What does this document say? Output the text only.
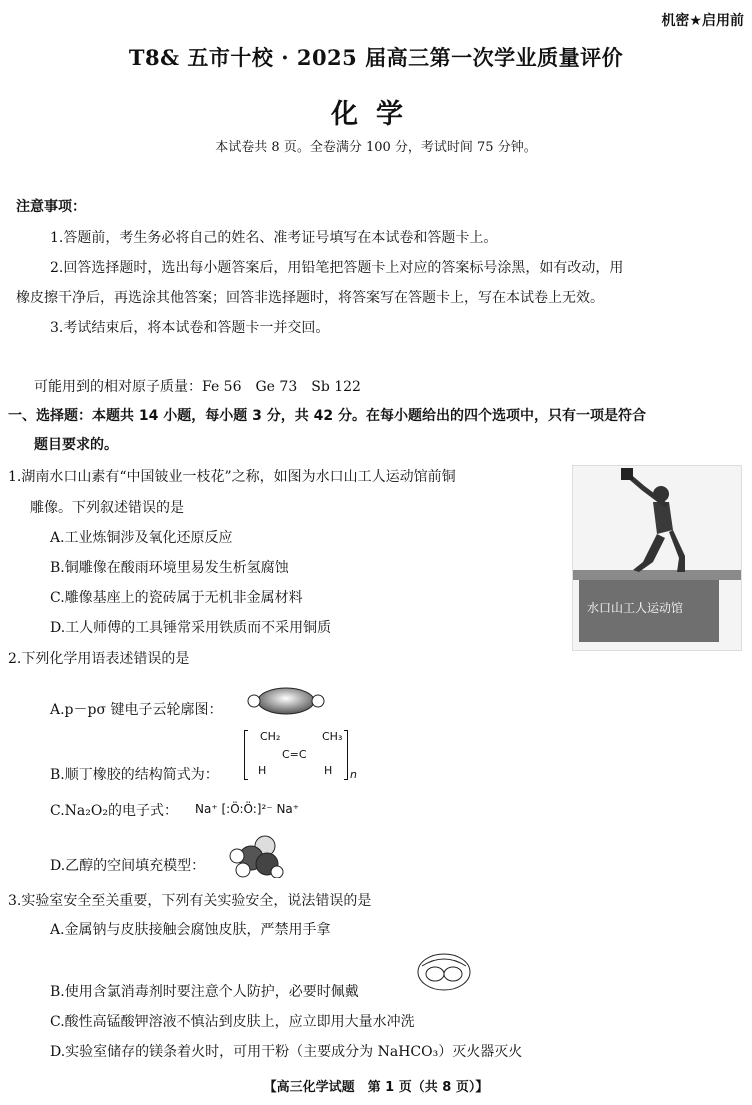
机密★启用前
T8& 五市十校 · 2025 届高三第一次学业质量评价
化学
本试卷共 8 页。全卷满分 100 分，考试时间 75 分钟。
注意事项：
1.答题前，考生务必将自己的姓名、准考证号填写在本试卷和答题卡上。
2.回答选择题时，选出每小题答案后，用铅笔把答题卡上对应的答案标号涂黑，如有改动，用
橡皮擦干净后，再选涂其他答案；回答非选择题时，将答案写在答题卡上，写在本试卷上无效。
3.考试结束后，将本试卷和答题卡一并交回。
可能用到的相对原子质量：Fe 56　Ge 73　Sb 122
一、选择题：本题共 14 小题，每小题 3 分，共 42 分。在每小题给出的四个选项中，只有一项是符合
题目要求的。
1.湖南水口山素有“中国铍业一枝花”之称，如图为水口山工人运动馆前铜
雕像。下列叙述错误的是
A.工业炼铜涉及氧化还原反应
B.铜雕像在酸雨环境里易发生析氢腐蚀
C.雕像基座上的瓷砖属于无机非金属材料
D.工人师傅的工具锤常采用铁质而不采用铜质
水口山工人运动馆
2.下列化学用语表述错误的是
A.p－pσ 键电子云轮廓图：
B.顺丁橡胶的结构简式为：
CH₂	CH₃
C=C
H	H n
C.Na₂O₂的电子式： Na⁺ [:Ö:Ö:]²⁻ Na⁺
D.乙醇的空间填充模型：
3.实验室安全至关重要，下列有关实验安全，说法错误的是
A.金属钠与皮肤接触会腐蚀皮肤，严禁用手拿
B.使用含氯消毒剂时要注意个人防护，必要时佩戴
C.酸性高锰酸钾溶液不慎沾到皮肤上，应立即用大量水冲洗
D.实验室储存的镁条着火时，可用干粉（主要成分为 NaHCO₃）灭火器灭火
【高三化学试题　第 1 页（共 8 页）】
